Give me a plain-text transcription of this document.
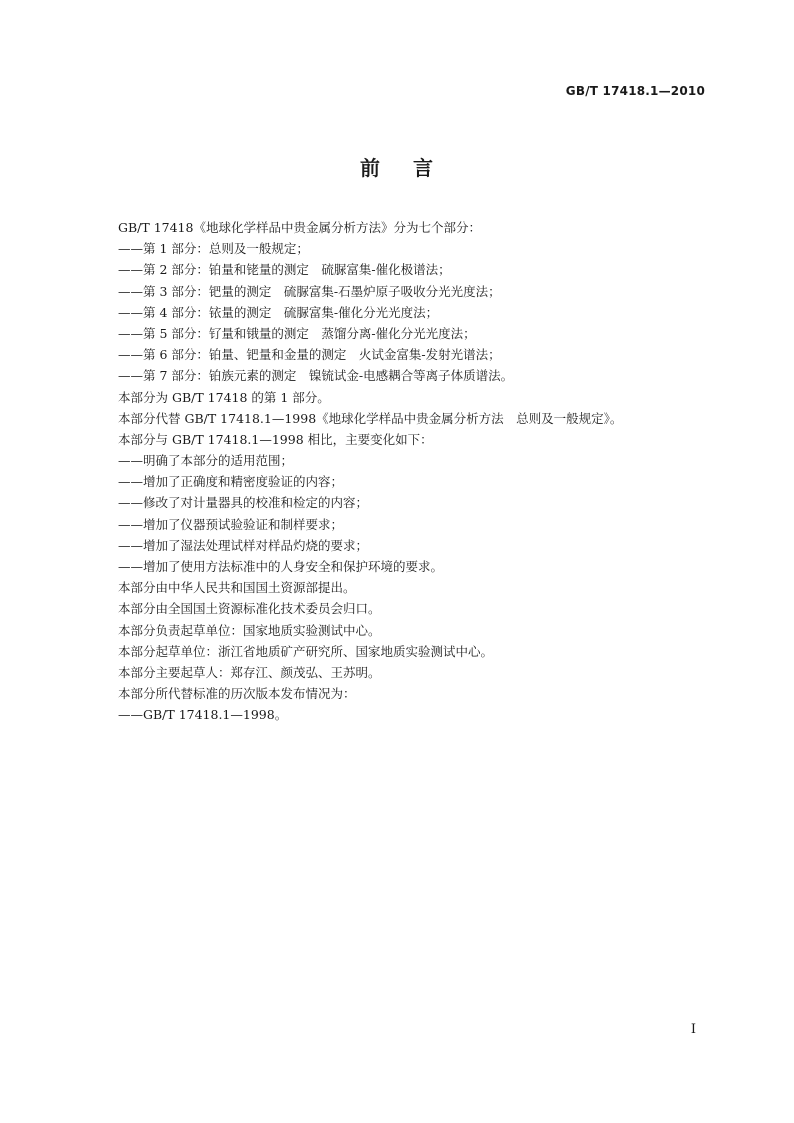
GB/T 17418.1—2010
前 言
GB/T 17418《地球化学样品中贵金属分析方法》分为七个部分：
——第 1 部分：总则及一般规定；
——第 2 部分：铂量和铑量的测定　硫脲富集-催化极谱法；
——第 3 部分：钯量的测定　硫脲富集-石墨炉原子吸收分光光度法；
——第 4 部分：铱量的测定　硫脲富集-催化分光光度法；
——第 5 部分：钌量和锇量的测定　蒸馏分离-催化分光光度法；
——第 6 部分：铂量、钯量和金量的测定　火试金富集-发射光谱法；
——第 7 部分：铂族元素的测定　镍锍试金-电感耦合等离子体质谱法。
本部分为 GB/T 17418 的第 1 部分。
本部分代替 GB/T 17418.1—1998《地球化学样品中贵金属分析方法　总则及一般规定》。
本部分与 GB/T 17418.1—1998 相比，主要变化如下：
——明确了本部分的适用范围；
——增加了正确度和精密度验证的内容；
——修改了对计量器具的校准和检定的内容；
——增加了仪器预试验验证和制样要求；
——增加了湿法处理试样对样品灼烧的要求；
——增加了使用方法标准中的人身安全和保护环境的要求。
本部分由中华人民共和国国土资源部提出。
本部分由全国国土资源标准化技术委员会归口。
本部分负责起草单位：国家地质实验测试中心。
本部分起草单位：浙江省地质矿产研究所、国家地质实验测试中心。
本部分主要起草人：郑存江、颜茂弘、王苏明。
本部分所代替标准的历次版本发布情况为：
——GB/T 17418.1—1998。
I
